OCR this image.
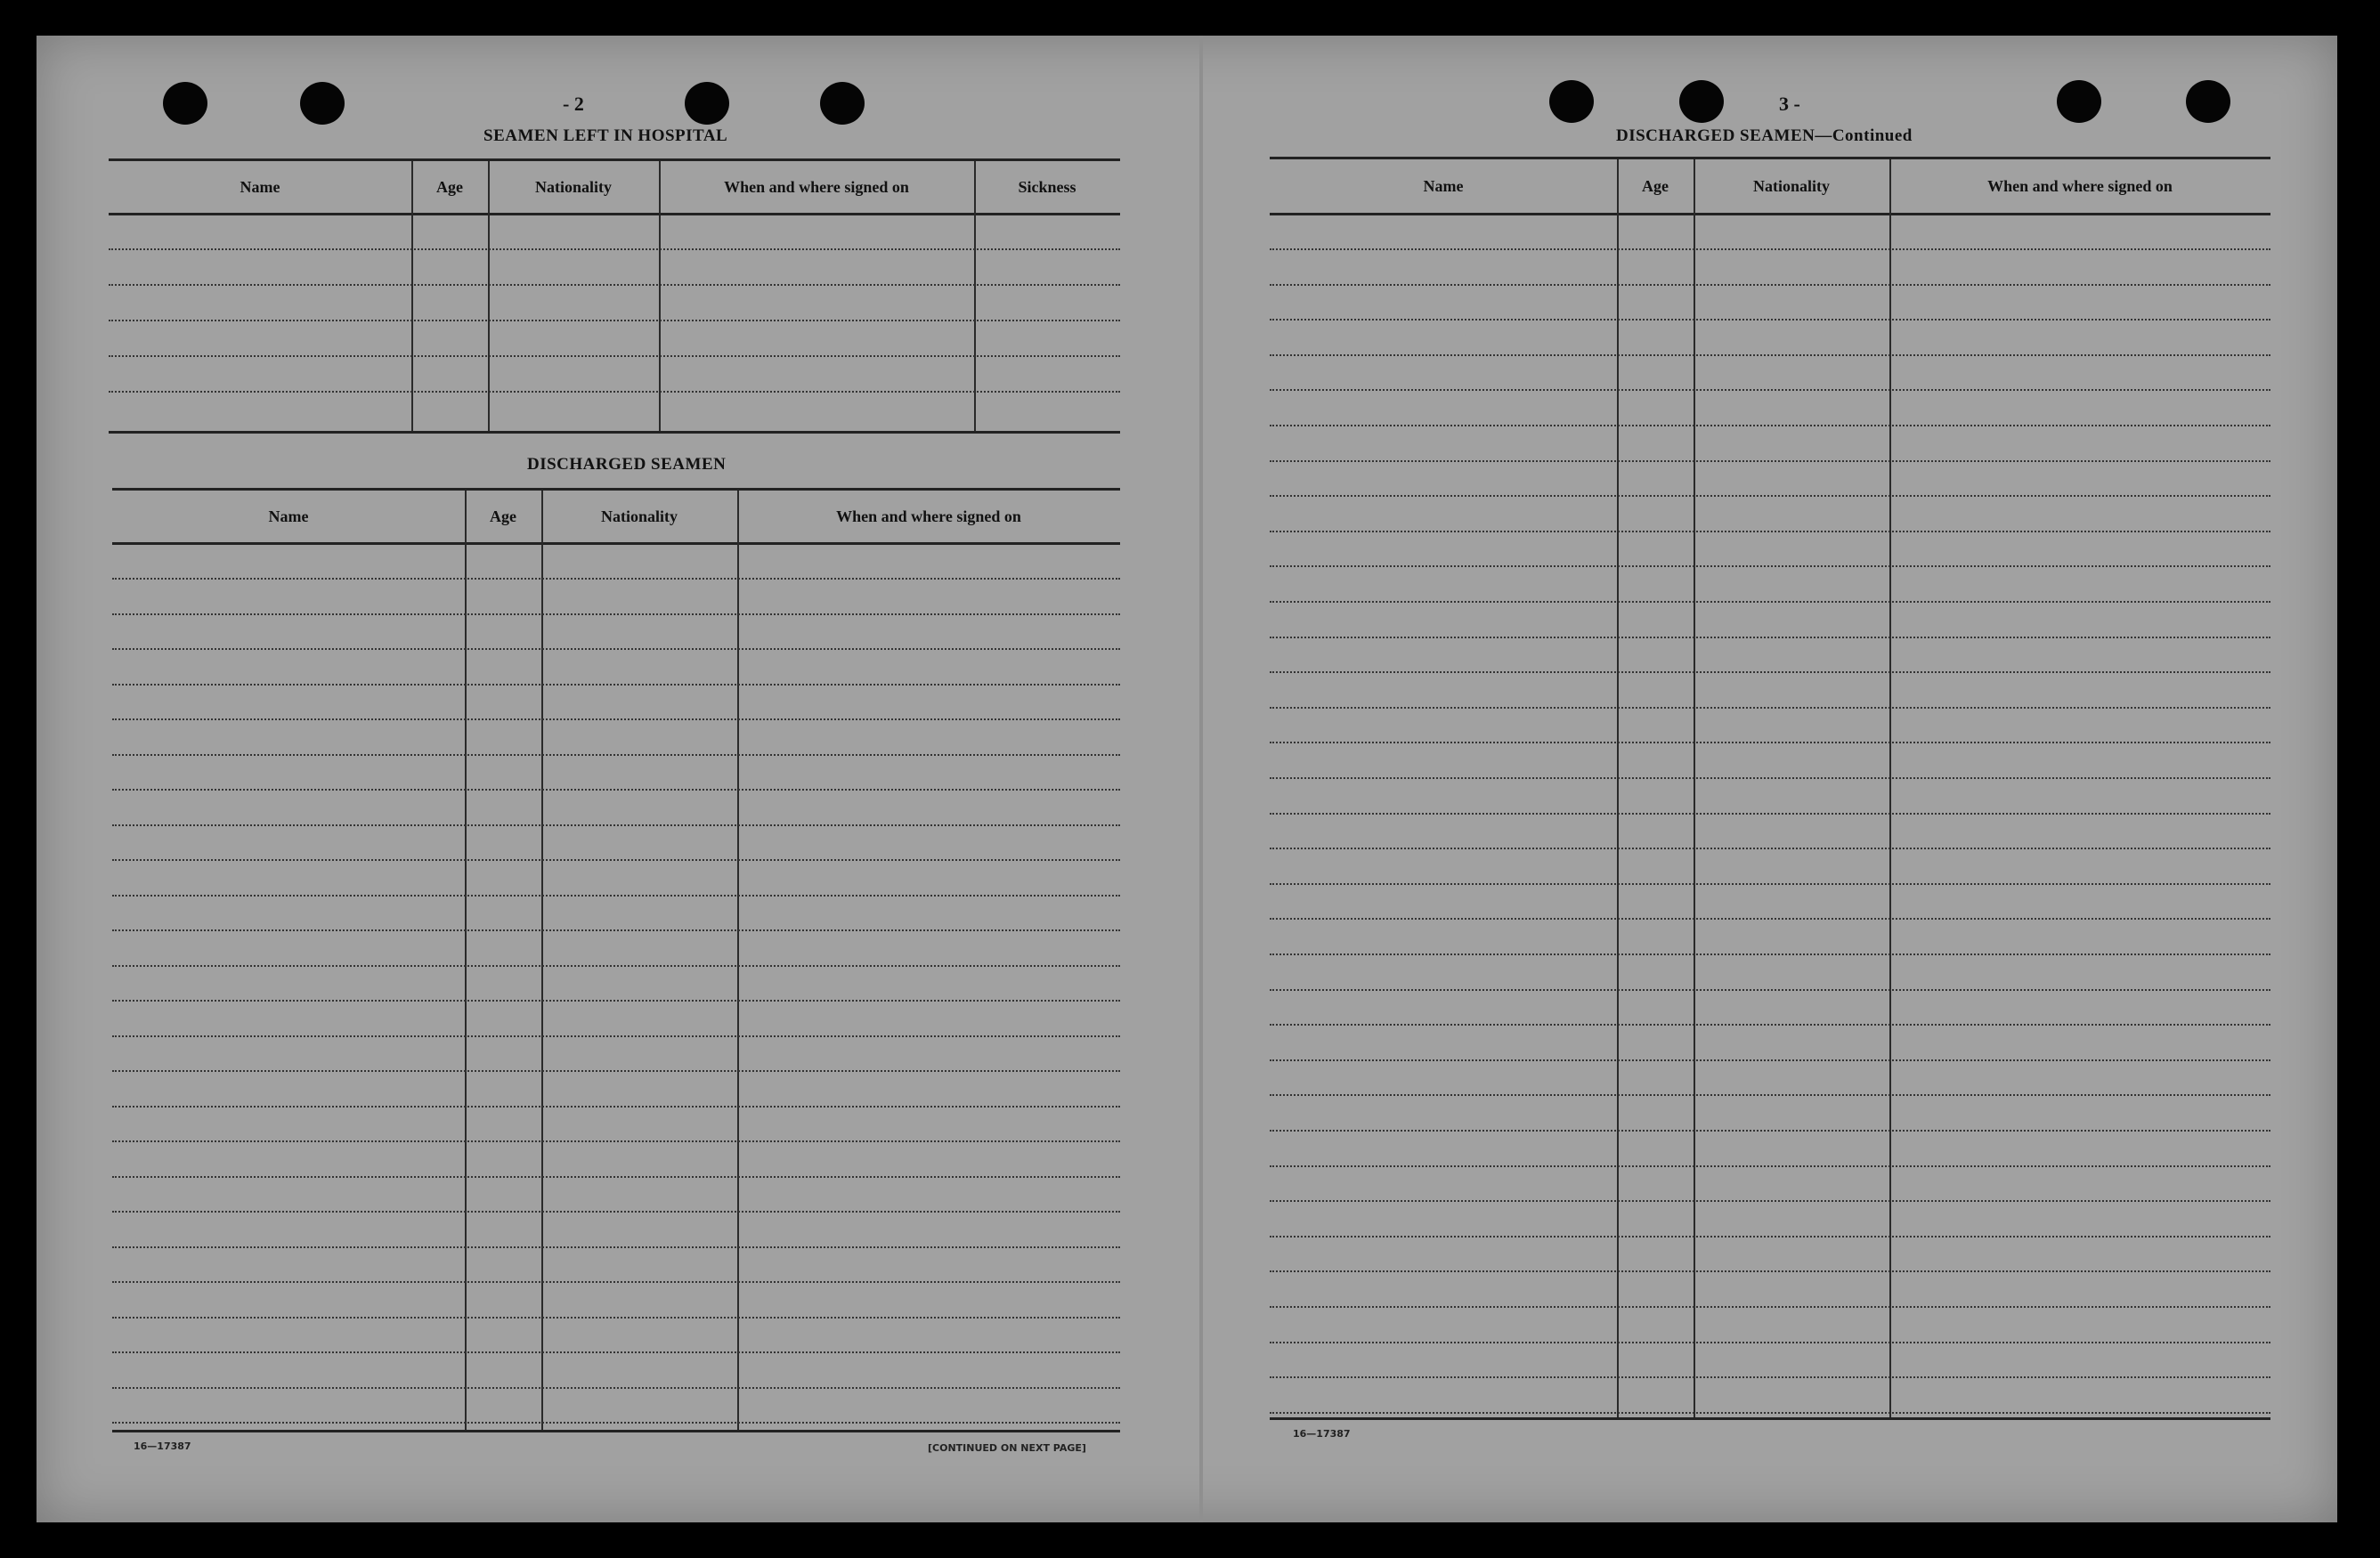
- 2
SEAMEN LEFT IN HOSPITAL
Name	Age	Nationality	When and where signed on	Sickness
DISCHARGED SEAMEN
Name	Age	Nationality	When and where signed on
16—17387	[CONTINUED ON NEXT PAGE]
3 -
DISCHARGED SEAMEN—Continued
Name	Age	Nationality	When and where signed on
16—17387
